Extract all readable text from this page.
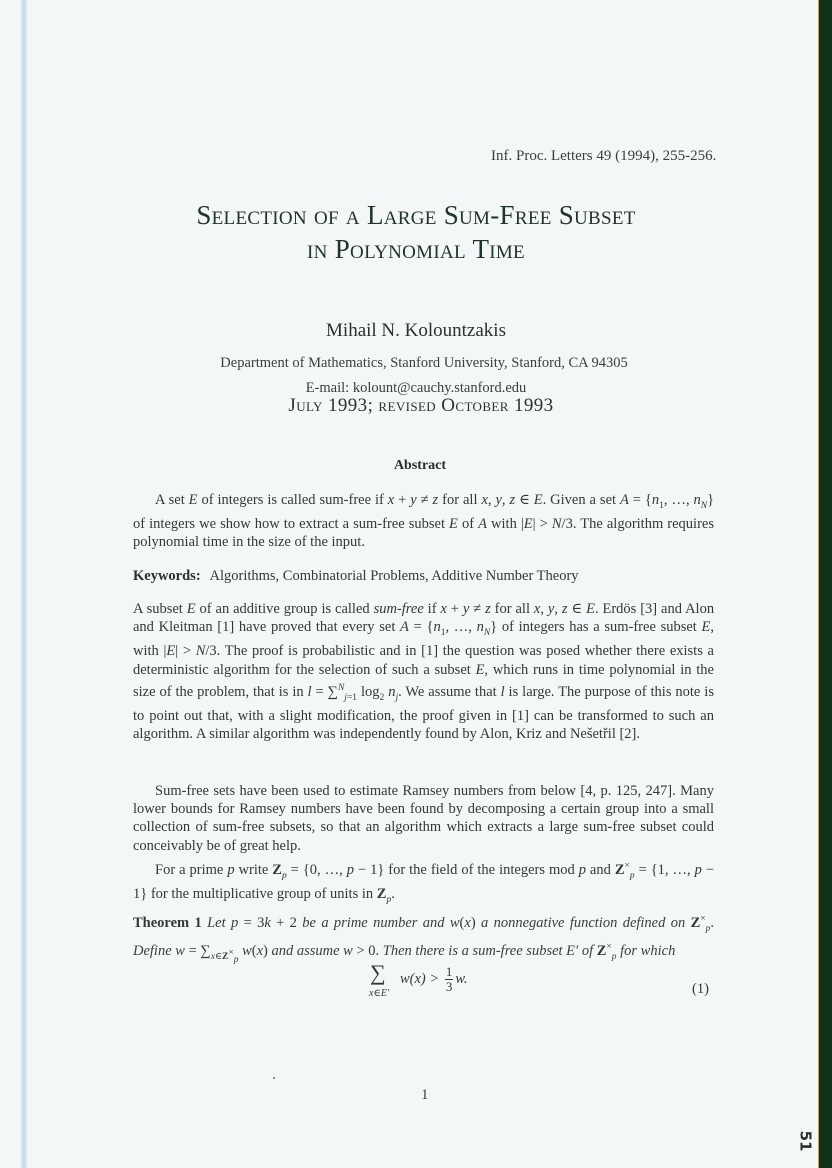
Inf. Proc. Letters 49 (1994), 255-256.
Selection of a Large Sum-Free Subset
in Polynomial Time
Mihail N. Kolountzakis
Department of Mathematics, Stanford University, Stanford, CA 94305
E-mail: kolount@cauchy.stanford.edu
July 1993; revised October 1993
Abstract
A set E of integers is called sum-free if x + y ≠ z for all x, y, z ∈ E. Given a set $A = \{n_1$, …, $n_N$} of integers we show how to extract a sum-free subset E of A with |E| > N/3. The algorithm requires polynomial time in the size of the input.
Keywords: Algorithms, Combinatorial Problems, Additive Number Theory
A subset E of an additive group is called sum-free if x + y ≠ z for all x, y, z ∈ E. Erdös [3] and Alon and Kleitman [1] have proved that every set $A = \{n_1$, …, $n_N$} of integers has a sum-free subset E, with |E| > N/3. The proof is probabilistic and in [1] the question was posed whether there exists a deterministic algorithm for the selection of such a subset E, which runs in time polynomial in the size of the problem, that is in l = ∑$^N_{j=1}$ $\log_2 n_j$. We assume that l is large. The purpose of this note is to point out that, with a slight modification, the proof given in [1] can be transformed to such an algorithm. A similar algorithm was independently found by Alon, Kriz and Nešetřil [2].
Sum-free sets have been used to estimate Ramsey numbers from below [4, p. 125, 247]. Many lower bounds for Ramsey numbers have been found by decomposing a certain group into a small collection of sum-free subsets, so that an algorithm which extracts a large sum-free subset could conceivably be of great help.
For a prime p write $Z_p = \{0$, …, p − 1} for the field of the integers mod p and $Z^\times_p = \{1$, …, p − 1} for the multiplicative group of units in $Z_p$.
Theorem 1 Let p = 3k + 2 be a prime number and w(x) a nonnegative function defined on $Z^\times_p$. Define $w = \sum_{x\in Z^\times_p}$ w(x) and assume w > 0. Then there is a sum-free subset E′ of $Z^\times_p$ for which
∑
x∈E′
$w(x) > \frac{1}{3} w$.
(1)
1
51
